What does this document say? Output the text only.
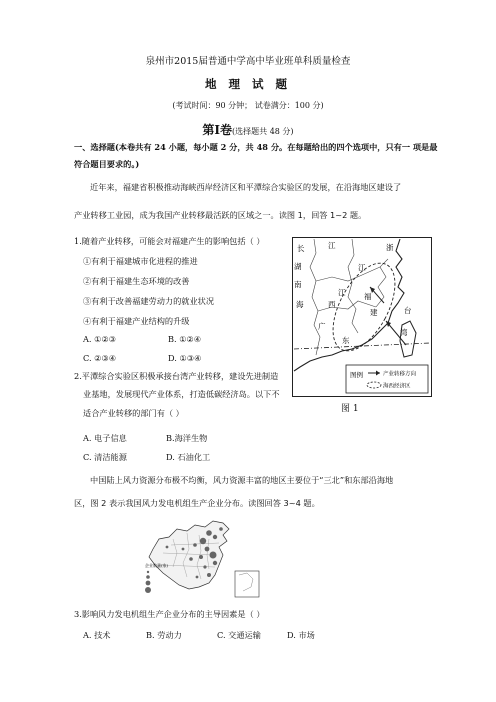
泉州市2015届普通中学高中毕业班单科质量检查
地 理 试 题
(考试时间：90 分钟； 试卷满分：100 分)
第Ⅰ卷(选择题共 48 分)
一、选择题(本卷共有 24 小题，每小题 2 分，共 48 分。在每题给出的四个选项中，只有一 项是最
符合题目要求的。)
近年来，福建省积极推动海峡西岸经济区和平潭综合实验区的发展，在沿海地区建设了
产业转移工业园，成为我国产业转移最活跃的区域之一。读图 1，回答 1~2 题。
1.随着产业转移，可能会对福建产生的影响包括（ ）
①有利于福建城市化进程的推进
②有利于福建生态环境的改善
③有利于改善福建劳动力的就业状况
④有利于福建产业结构的升级
A. ①②③	B. ①②④
C. ②③④	D. ①③④
2.平潭综合实验区积极承接台湾产业转移，建设先进制造
业基地，发展现代产业体系，打造低碳经济岛。以下不
适合产业转移的部门有（ ）
A. 电子信息	B.海洋生物
C. 清洁能源	D. 石油化工
长	江	浙
湖	江
南
江
西
建
海
广
东
台
湾
福
图例	产业转移方向
海西经济区
图 1
中国陆上风力资源分布极不均衡，风力资源丰富的地区主要位于“三北”和东部沿海地
区，图 2 表示我国风力发电机组生产企业分布。读图回答 3~4 题。
企业数量(家)
3.影响风力发电机组生产企业分布的主导因素是（ ）
A. 技术	B. 劳动力	C. 交通运输	D. 市场
